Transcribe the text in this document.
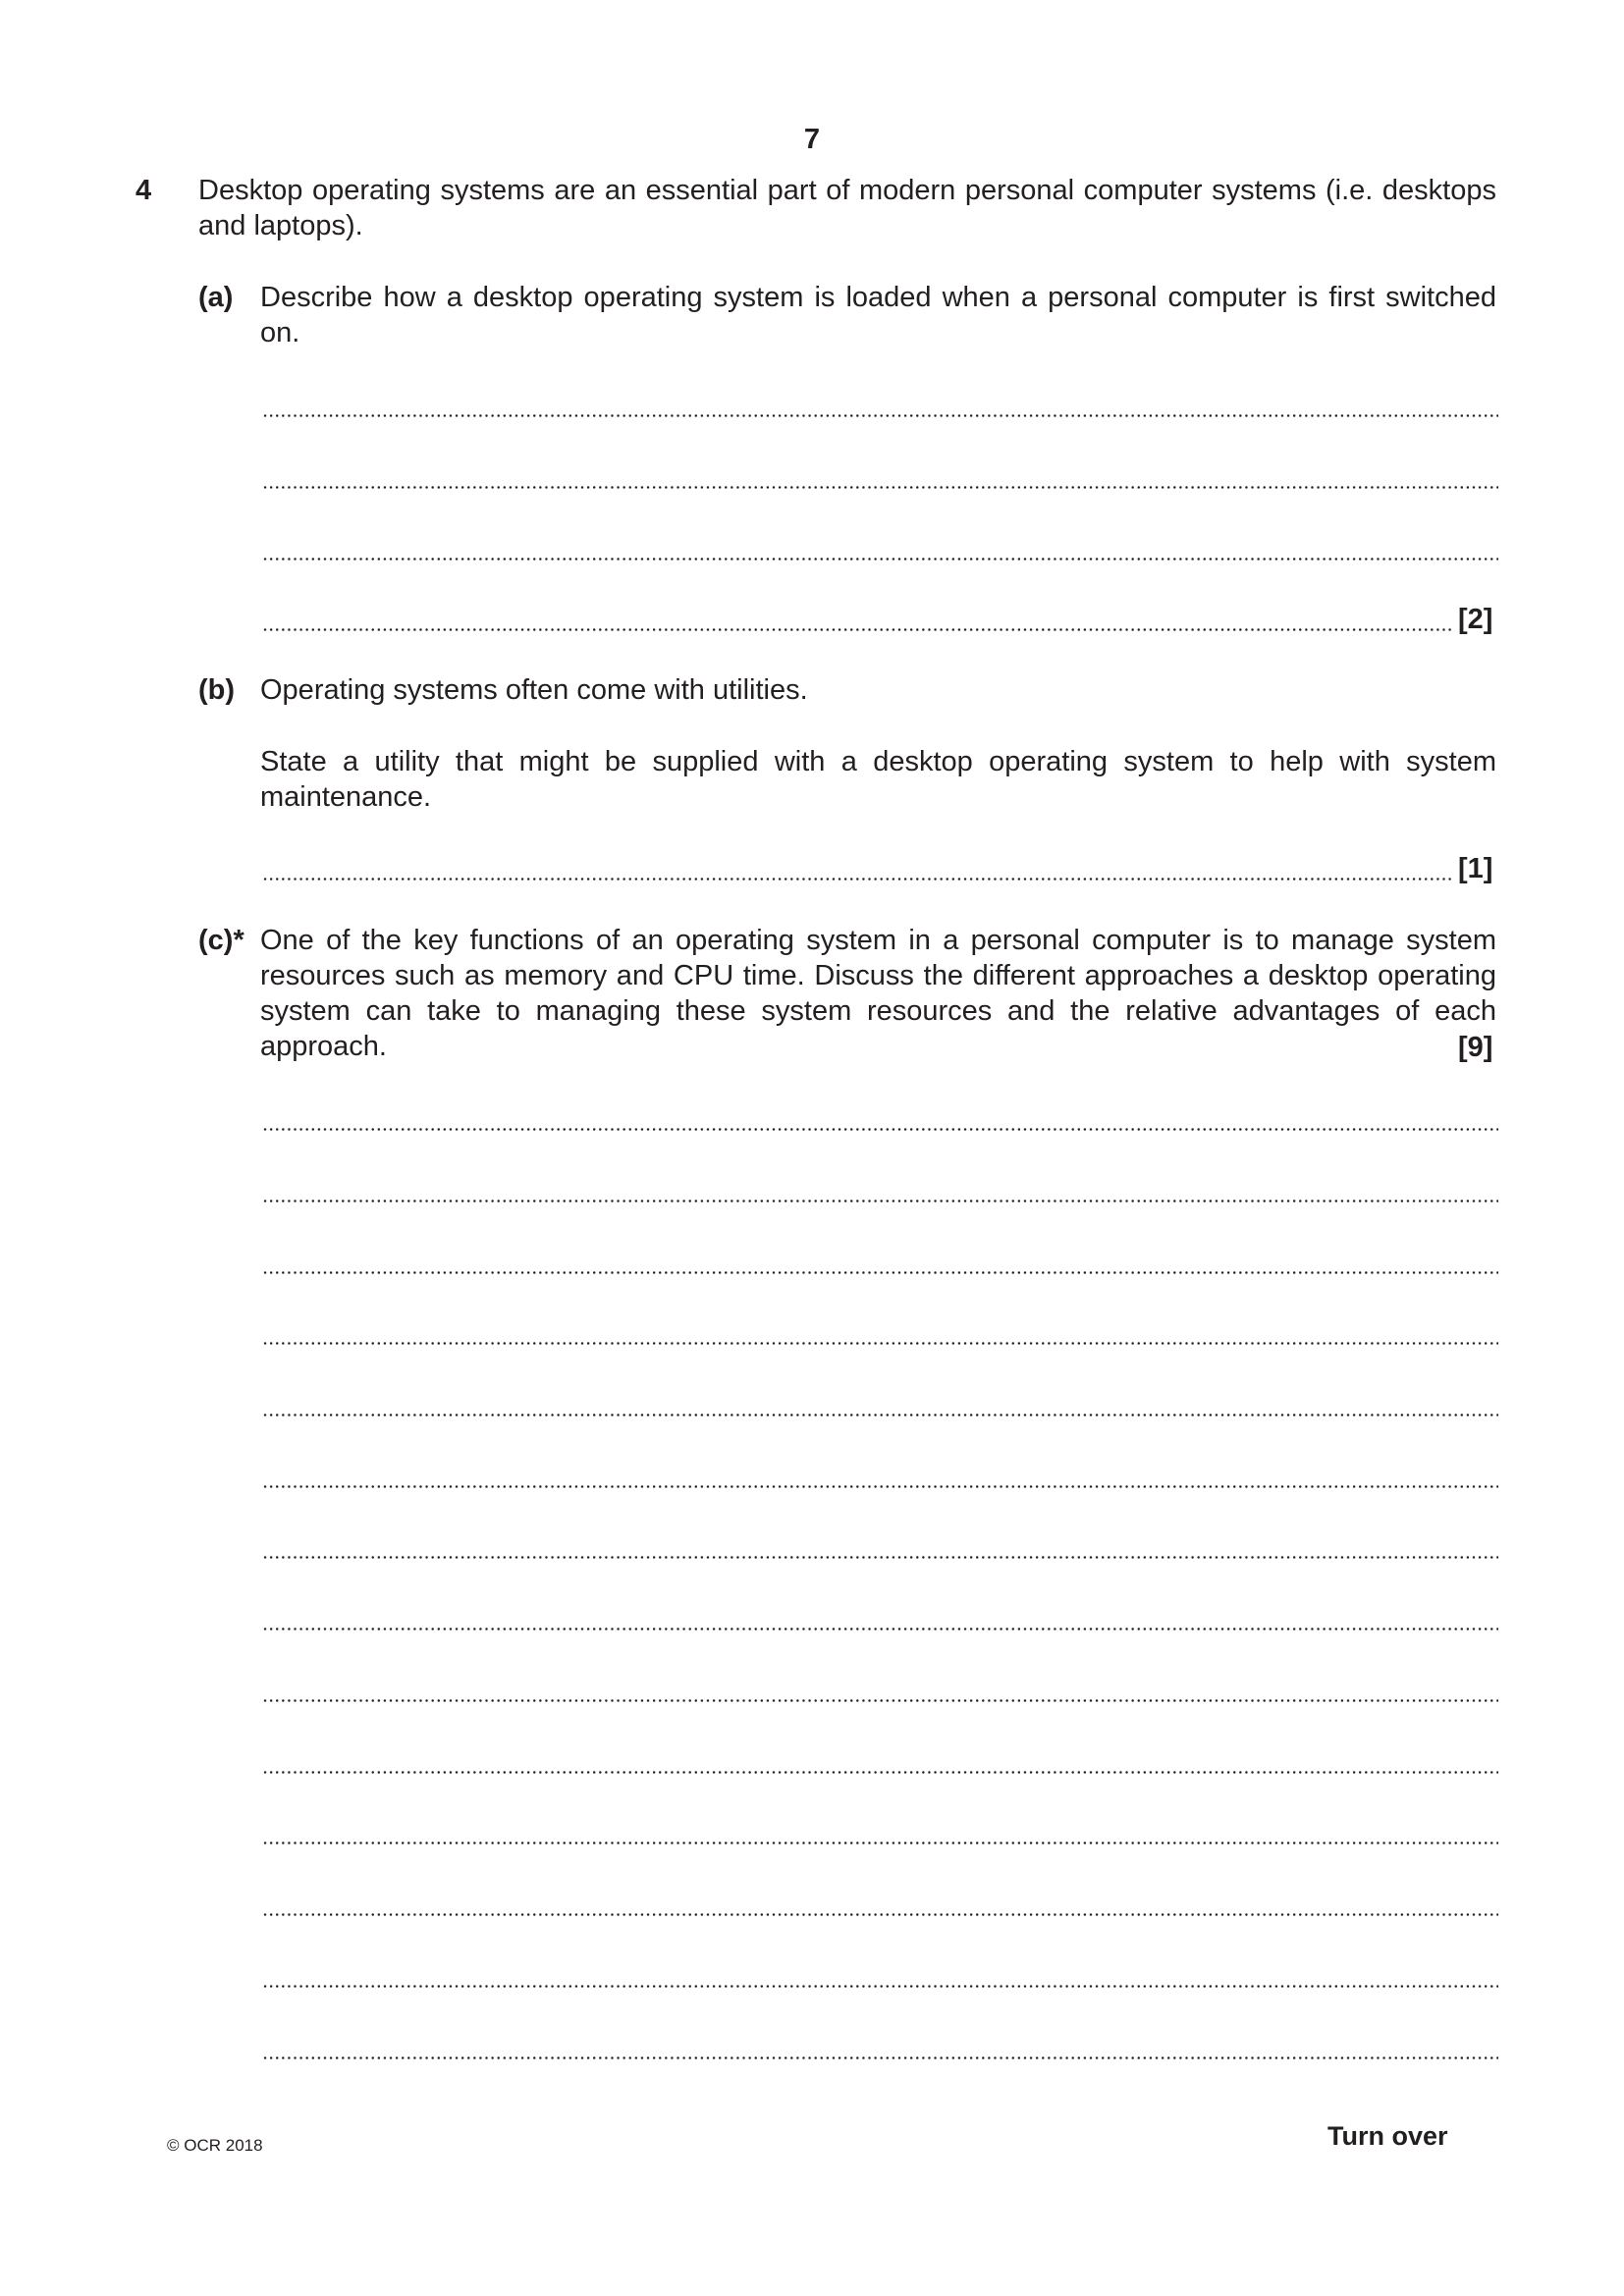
7
4 Desktop operating systems are an essential part of modern personal computer systems (i.e. desktops and laptops).
(a) Describe how a desktop operating system is loaded when a personal computer is first switched on.
[2]
(b) Operating systems often come with utilities.
State a utility that might be supplied with a desktop operating system to help with system maintenance.
[1]
(c)* One of the key functions of an operating system in a personal computer is to manage system resources such as memory and CPU time. Discuss the different approaches a desktop operating system can take to managing these system resources and the relative advantages of each approach.	[9]
© OCR 2018	Turn over
